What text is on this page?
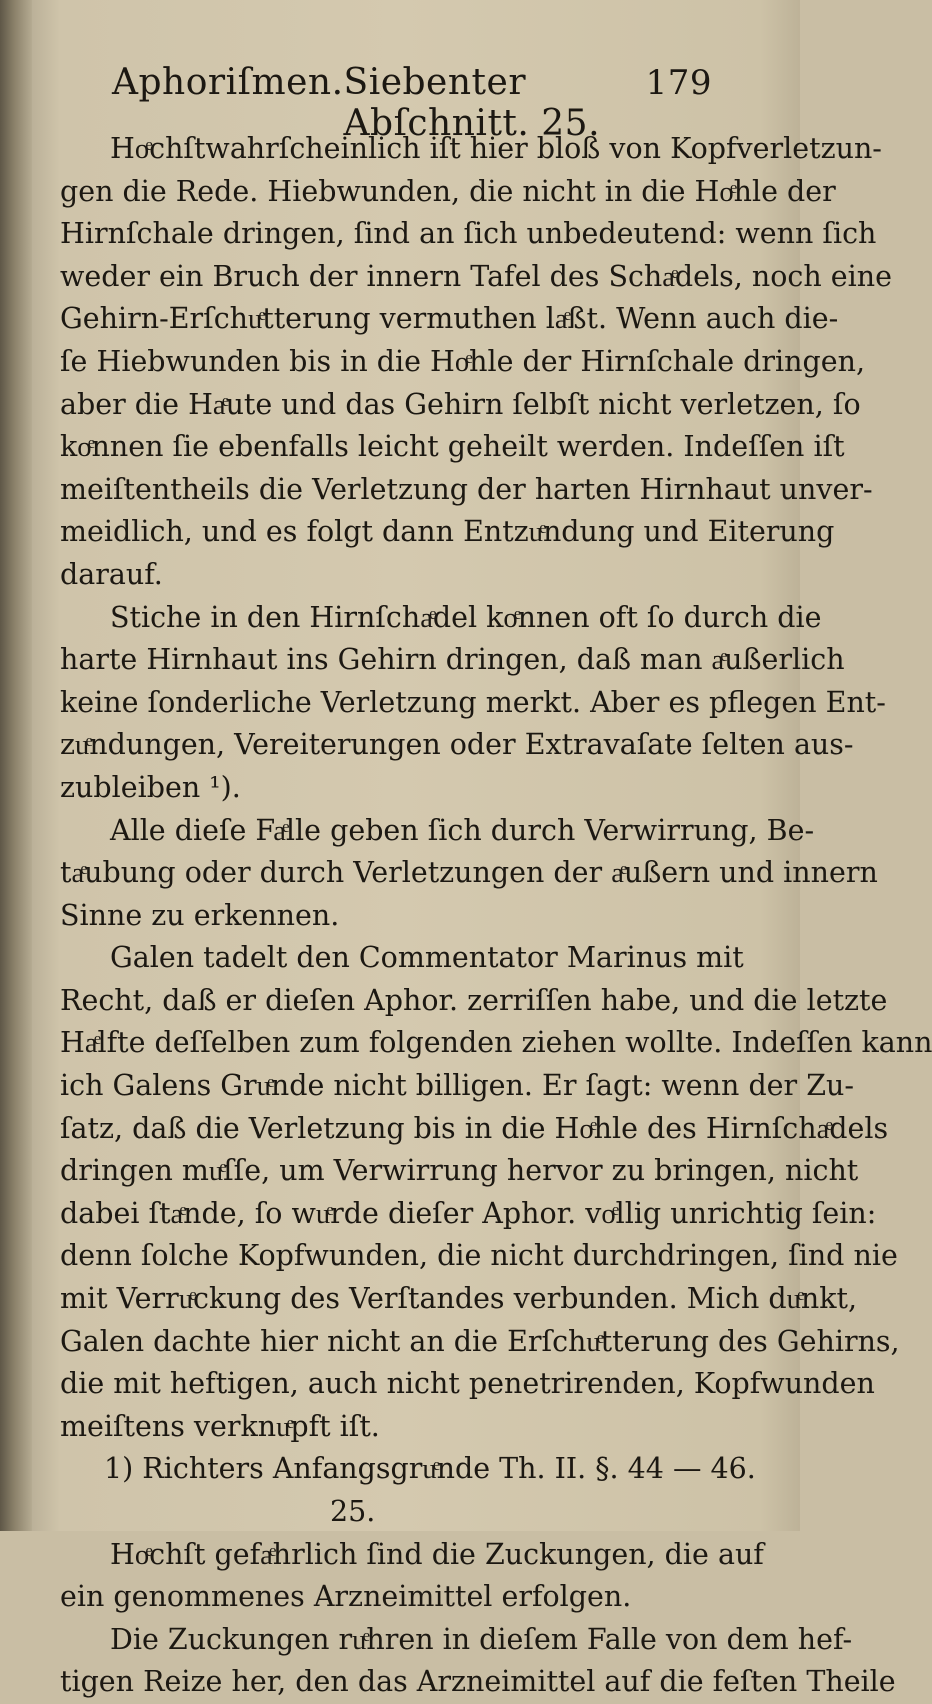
Aphoriſmen. Siebenter Abſchnitt. 25.
179
Hoͤchſtwahrſcheinlich iſt hier bloß von Kopfverletzun-
gen die Rede. Hiebwunden, die nicht in die Hoͤhle der
Hirnſchale dringen, ſind an ſich unbedeutend: wenn ſich
weder ein Bruch der innern Tafel des Schaͤdels, noch eine
Gehirn-Erſchuͤtterung vermuthen laͤßt. Wenn auch die-
ſe Hiebwunden bis in die Hoͤhle der Hirnſchale dringen,
aber die Haͤute und das Gehirn ſelbſt nicht verletzen, ſo
koͤnnen ſie ebenfalls leicht geheilt werden. Indeſſen iſt
meiſtentheils die Verletzung der harten Hirnhaut unver-
meidlich, und es folgt dann Entzuͤndung und Eiterung
darauf.
Stiche in den Hirnſchaͤdel koͤnnen oft ſo durch die
harte Hirnhaut ins Gehirn dringen, daß man aͤußerlich
keine ſonderliche Verletzung merkt. Aber es pflegen Ent-
zuͤndungen, Vereiterungen oder Extravaſate ſelten aus-
zubleiben ¹).
Alle dieſe Faͤlle geben ſich durch Verwirrung, Be-
taͤubung oder durch Verletzungen der aͤußern und innern
Sinne zu erkennen.
Galen tadelt den Commentator Marinus mit
Recht, daß er dieſen Aphor. zerriſſen habe, und die letzte
Haͤlfte deſſelben zum folgenden ziehen wollte. Indeſſen kann
ich Galens Gruͤnde nicht billigen. Er ſagt: wenn der Zu-
ſatz, daß die Verletzung bis in die Hoͤhle des Hirnſchaͤdels
dringen muͤſſe, um Verwirrung hervor zu bringen, nicht
dabei ſtaͤnde, ſo wuͤrde dieſer Aphor. voͤllig unrichtig ſein:
denn ſolche Kopfwunden, die nicht durchdringen, ſind nie
mit Verruͤckung des Verſtandes verbunden. Mich duͤnkt,
Galen dachte hier nicht an die Erſchuͤtterung des Gehirns,
die mit heftigen, auch nicht penetrirenden, Kopfwunden
meiſtens verknuͤpft iſt.
1) Richters Anfangsgruͤnde Th. II. §. 44 — 46.
25.
Hoͤchſt gefaͤhrlich ſind die Zuckungen, die auf
ein genommenes Arzneimittel erfolgen.
Die Zuckungen ruͤhren in dieſem Falle von dem hef-
tigen Reize her, den das Arzneimittel auf die feſten Theile
